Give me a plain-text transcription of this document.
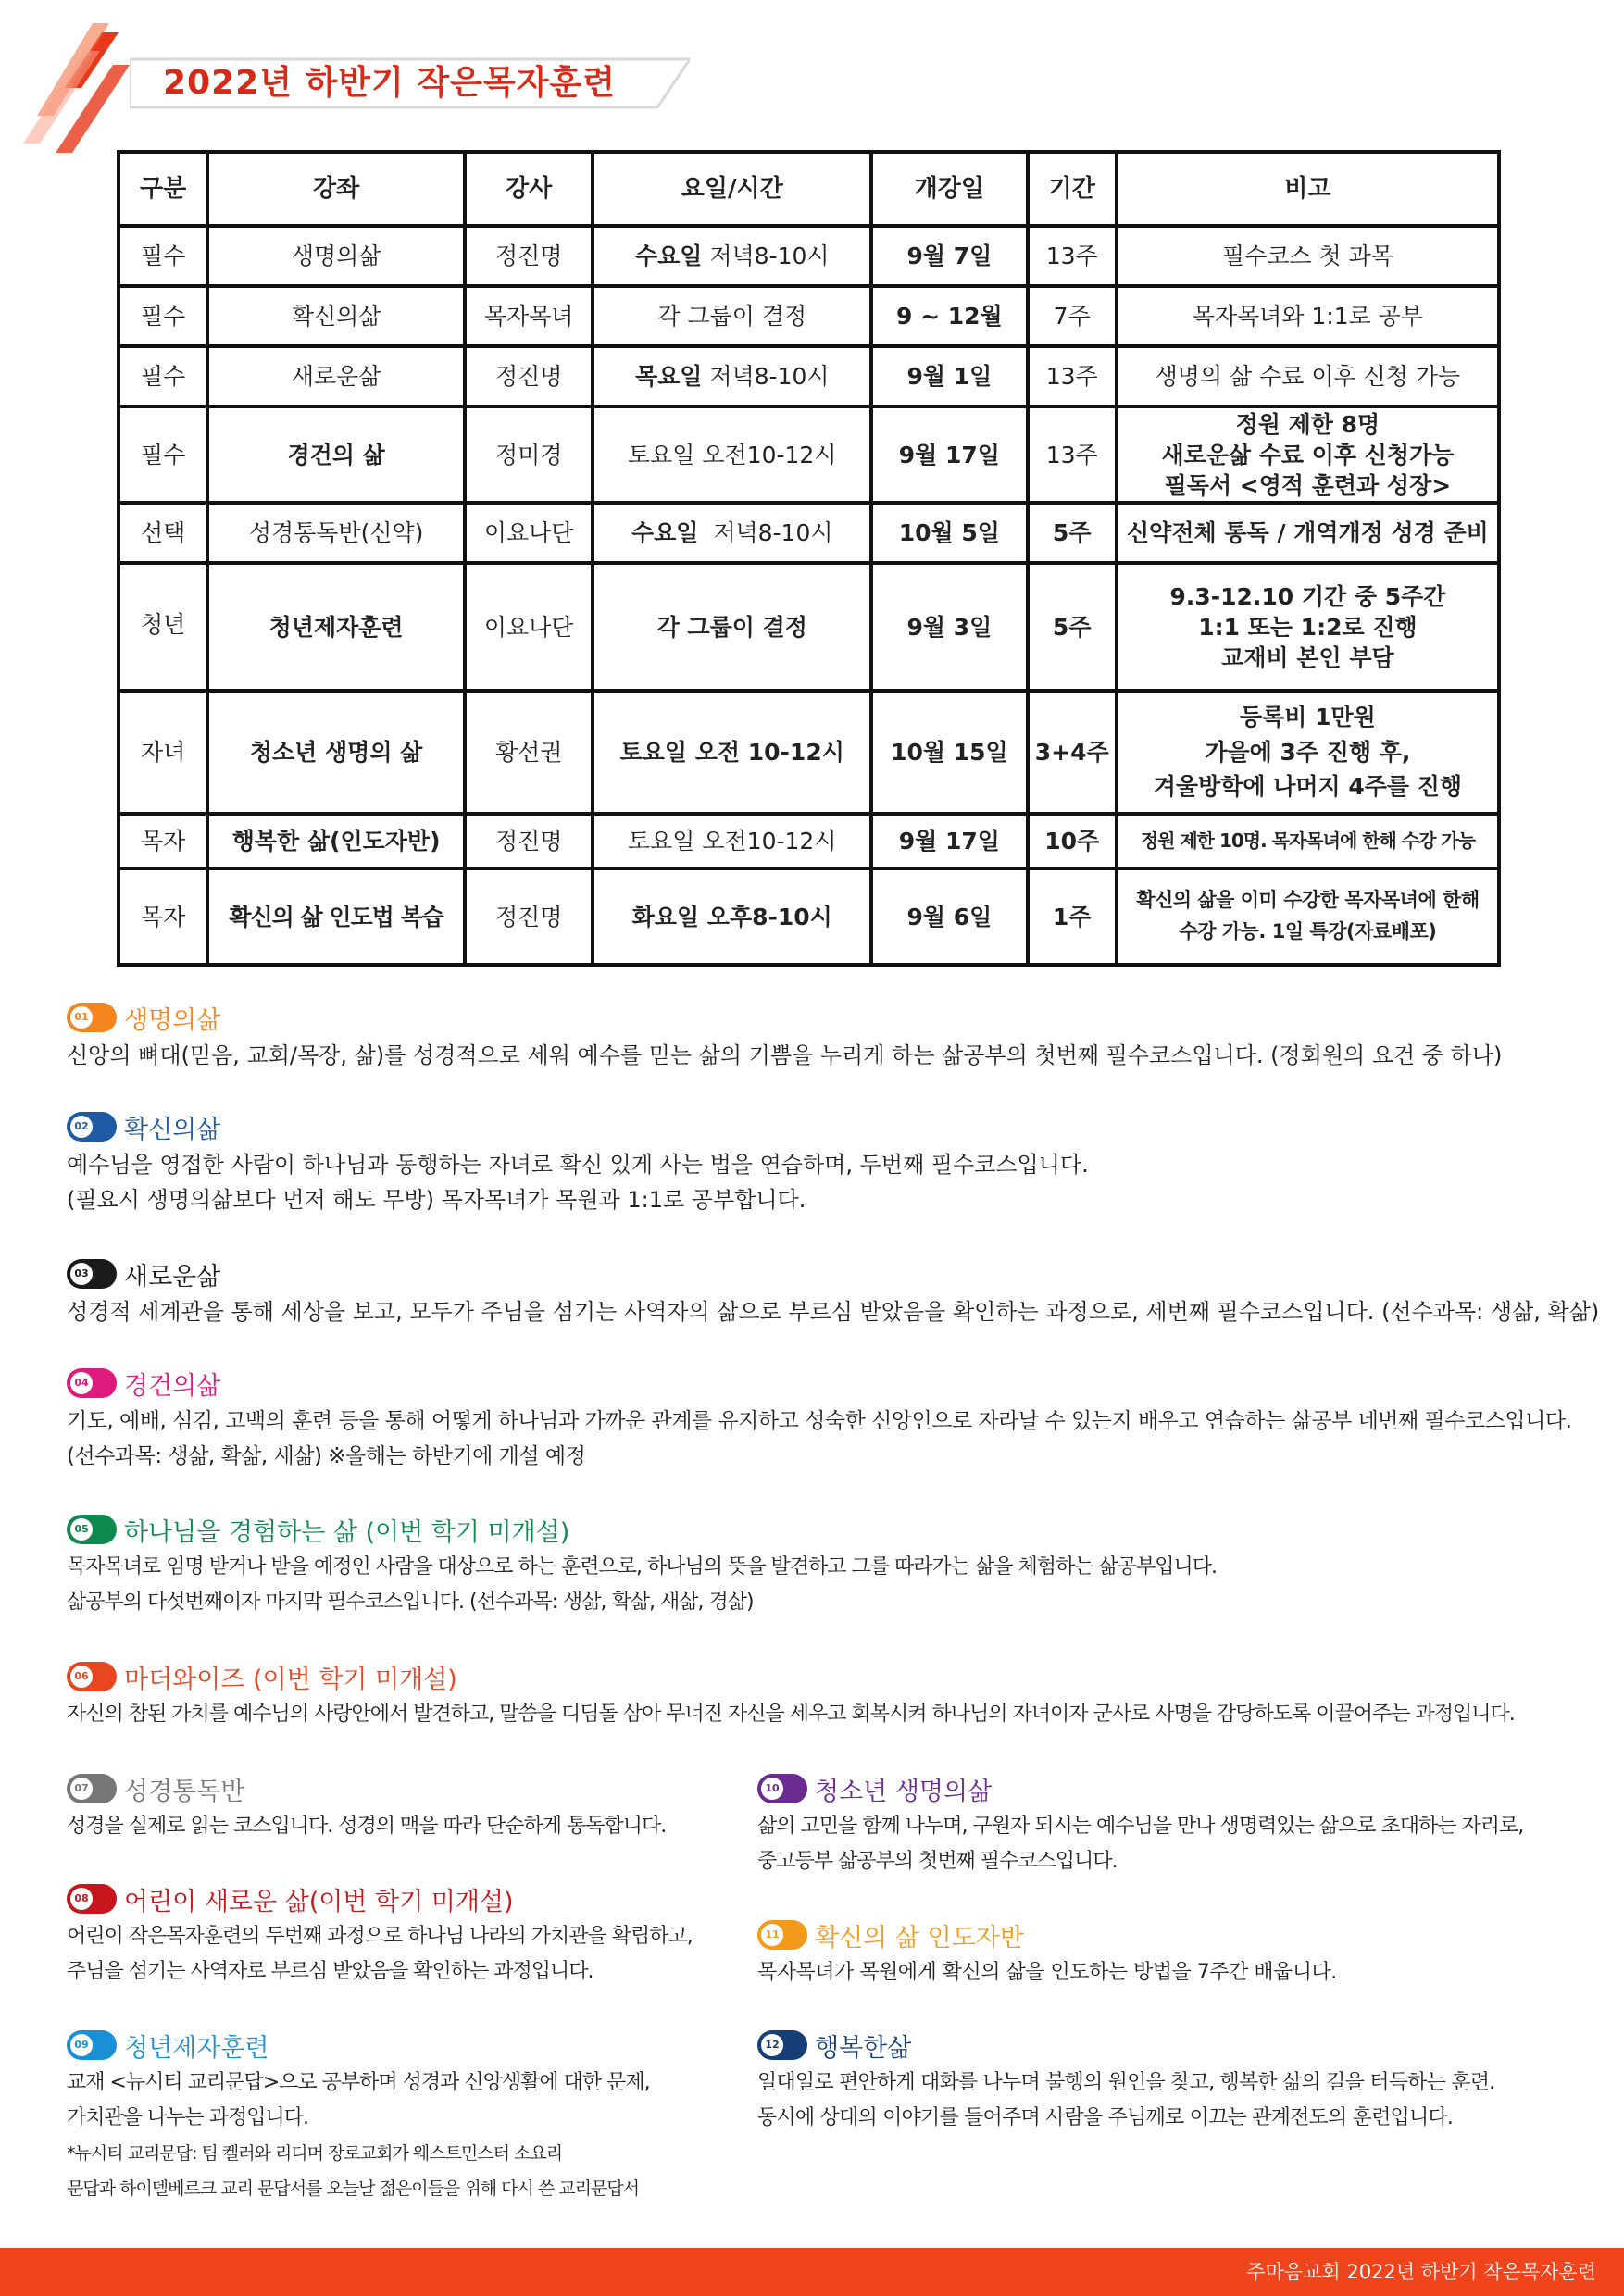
2022년 하반기 작은목자훈련
구분	강좌	강사	요일/시간	개강일	기간	비고
필수	생명의삶	정진명	수요일 저녁8-10시	9월 7일	13주	필수코스 첫 과목
필수	확신의삶	목자목녀	각 그룹이 결정	9 ~ 12월	7주	목자목녀와 1:1로 공부
필수	새로운삶	정진명	목요일 저녁8-10시	9월 1일	13주	생명의 삶 수료 이후 신청 가능
필수	경건의 삶	정미경	토요일 오전10-12시	9월 17일	13주	정원 제한 8명
새로운삶 수료 이후 신청가능
필독서 <영적 훈련과 성장>

선택	성경통독반(신약)	이요나단	수요일 저녁8-10시	10월 5일	5주	신약전체 통독 / 개역개정 성경 준비
청년	청년제자훈련	이요나단	각 그룹이 결정	9월 3일	5주	9.3-12.10 기간 중 5주간
1:1 또는 1:2로 진행
교재비 본인 부담

자녀	청소년 생명의 삶	황선권	토요일 오전 10-12시	10월 15일	3+4주	등록비 1만원
가을에 3주 진행 후,
겨울방학에 나머지 4주를 진행

목자	행복한 삶(인도자반)	정진명	토요일 오전10-12시	9월 17일	10주	정원 제한 10명. 목자목녀에 한해 수강 가능
목자	확신의 삶 인도법 복습	정진명	화요일 오후8-10시	9월 6일	1주	확신의 삶을 이미 수강한 목자목녀에 한해
수강 가능. 1일 특강(자료배포)
01 생명의삶
신앙의 뼈대(믿음, 교회/목장, 삶)를 성경적으로 세워 예수를 믿는 삶의 기쁨을 누리게 하는 삶공부의 첫번째 필수코스입니다. (정회원의 요건 중 하나)
02 확신의삶
예수님을 영접한 사람이 하나님과 동행하는 자녀로 확신 있게 사는 법을 연습하며, 두번째 필수코스입니다.
(필요시 생명의삶보다 먼저 해도 무방) 목자목녀가 목원과 1:1로 공부합니다.
03 새로운삶
성경적 세계관을 통해 세상을 보고, 모두가 주님을 섬기는 사역자의 삶으로 부르심 받았음을 확인하는 과정으로, 세번째 필수코스입니다. (선수과목: 생삶, 확삶)
04 경건의삶
기도, 예배, 섬김, 고백의 훈련 등을 통해 어떻게 하나님과 가까운 관계를 유지하고 성숙한 신앙인으로 자라날 수 있는지 배우고 연습하는 삶공부 네번째 필수코스입니다.
(선수과목: 생삶, 확삶, 새삶) ※올해는 하반기에 개설 예정
05 하나님을 경험하는 삶 (이번 학기 미개설)
목자목녀로 임명 받거나 받을 예정인 사람을 대상으로 하는 훈련으로, 하나님의 뜻을 발견하고 그를 따라가는 삶을 체험하는 삶공부입니다.
삶공부의 다섯번째이자 마지막 필수코스입니다. (선수과목: 생삶, 확삶, 새삶, 경삶)
06 마더와이즈 (이번 학기 미개설)
자신의 참된 가치를 예수님의 사랑안에서 발견하고, 말씀을 디딤돌 삼아 무너진 자신을 세우고 회복시켜 하나님의 자녀이자 군사로 사명을 감당하도록 이끌어주는 과정입니다.
07 성경통독반
성경을 실제로 읽는 코스입니다. 성경의 맥을 따라 단순하게 통독합니다.
08 어린이 새로운 삶(이번 학기 미개설)
어린이 작은목자훈련의 두번째 과정으로 하나님 나라의 가치관을 확립하고,
주님을 섬기는 사역자로 부르심 받았음을 확인하는 과정입니다.
09 청년제자훈련
교재 <뉴시티 교리문답>으로 공부하며 성경과 신앙생활에 대한 문제,
가치관을 나누는 과정입니다.
*뉴시티 교리문답: 팀 켈러와 리디머 장로교회가 웨스트민스터 소요리
문답과 하이델베르크 교리 문답서를 오늘날 젊은이들을 위해 다시 쓴 교리문답서
10 청소년 생명의삶
삶의 고민을 함께 나누며, 구원자 되시는 예수님을 만나 생명력있는 삶으로 초대하는 자리로,
중고등부 삶공부의 첫번째 필수코스입니다.
11 확신의 삶 인도자반
목자목녀가 목원에게 확신의 삶을 인도하는 방법을 7주간 배웁니다.
12 행복한삶
일대일로 편안하게 대화를 나누며 불행의 원인을 찾고, 행복한 삶의 길을 터득하는 훈련.
동시에 상대의 이야기를 들어주며 사람을 주님께로 이끄는 관계전도의 훈련입니다.
주마음교회 2022년 하반기 작은목자훈련
